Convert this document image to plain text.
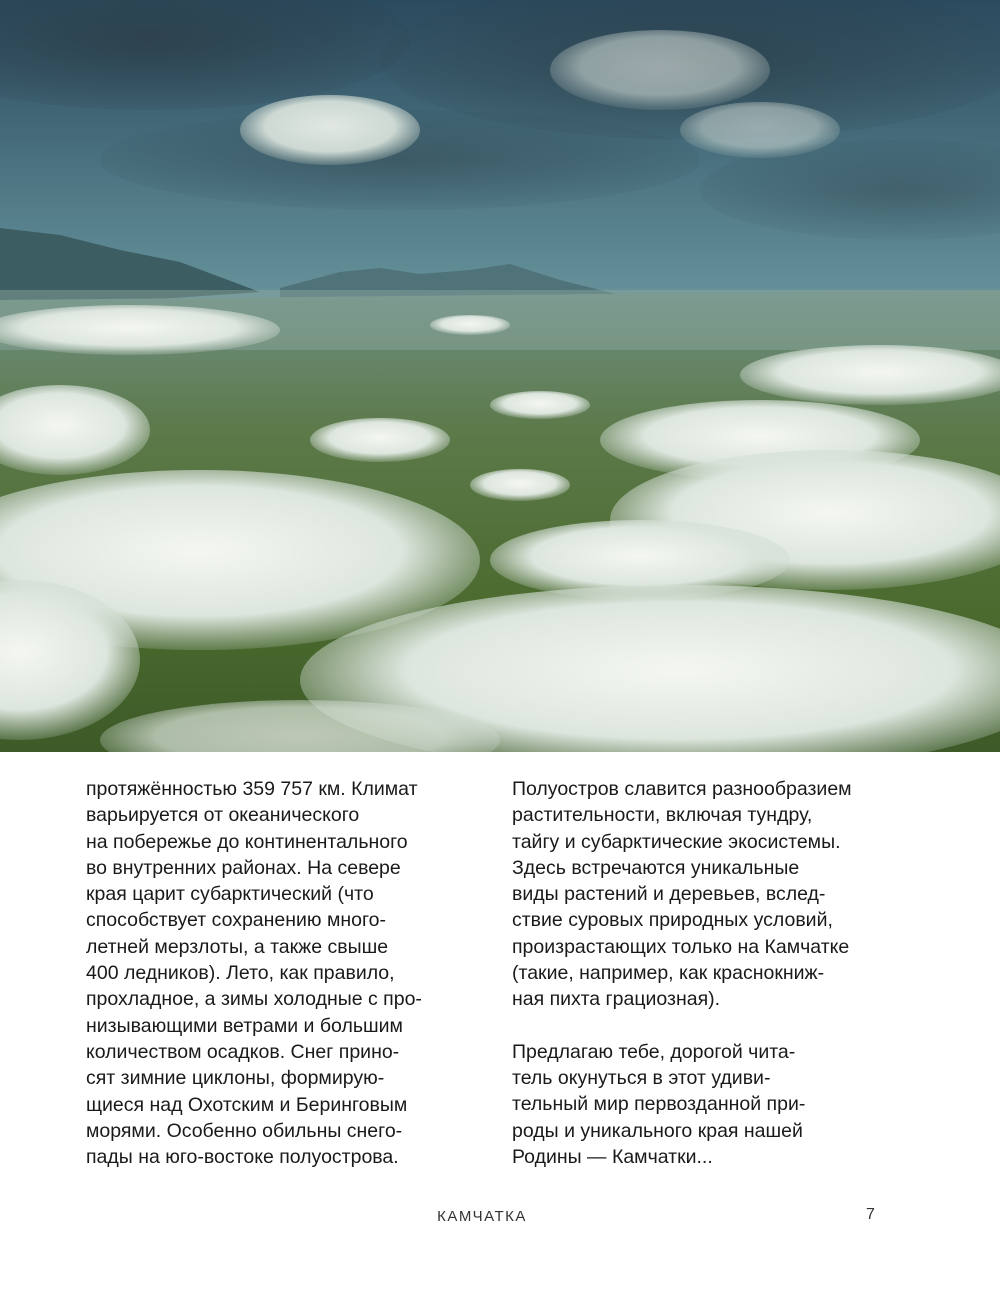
протяжённостью 359 757 км. Климат
варьируется от океанического
на побережье до континентального
во внутренних районах. На севере
края царит субарктический (что
способствует сохранению много-
летней мерзлоты, а также свыше
400 ледников). Лето, как правило,
прохладное, а зимы холодные с про-
низывающими ветрами и большим
количеством осадков. Снег прино-
сят зимние циклоны, формирую-
щиеся над Охотским и Беринговым
морями. Особенно обильны снего-
пады на юго-востоке полуострова.

Полуостров славится разнообразием
растительности, включая тундру,
тайгу и субарктические экосистемы.
Здесь встречаются уникальные
виды растений и деревьев, вслед-
ствие суровых природных условий,
произрастающих только на Камчатке
(такие, например, как краснокниж-
ная пихта грациозная).

Предлагаю тебе, дорогой чита-
тель окунуться в этот удиви-
тельный мир первозданной при-
роды и уникального края нашей
Родины — Камчатки...

КАМЧАТКА	7
